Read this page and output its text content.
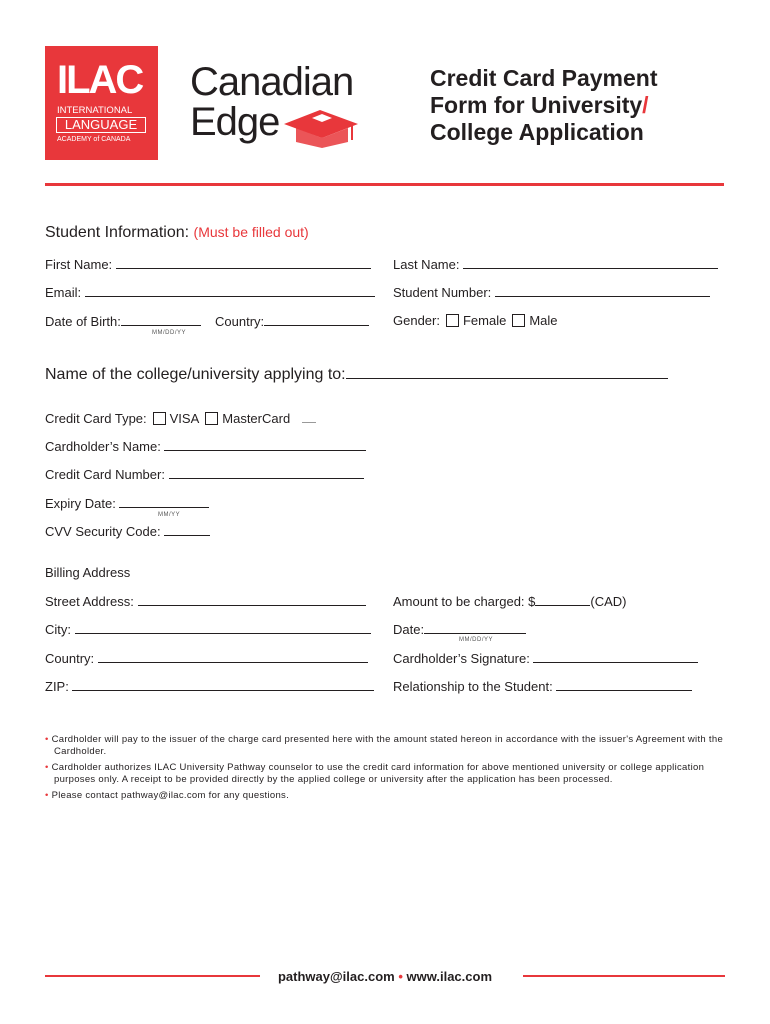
ILAC
INTERNATIONAL
LANGUAGE
ACADEMY of CANADA
Canadian
Edge
Credit Card Payment
Form for University/
College Application
Student Information: (Must be filled out)
First Name:	Last Name:
Email:	Student Number:
Date of Birth:
MM/DD/YY
Country:	Gender: Female Male
Name of the college/university applying to:
Credit Card Type: VISA MasterCard
Cardholder’s Name:
Credit Card Number:
Expiry Date:
MM/YY
CVV Security Code:
Billing Address
Street Address:	Amount to be charged: $	(CAD)
City:	Date:
MM/DD/YY
Country:	Cardholder’s Signature:
ZIP:	Relationship to the Student:
• Cardholder will pay to the issuer of the charge card presented here with the amount stated hereon in accordance with the issuer's Agreement with the Cardholder.
• Cardholder authorizes ILAC University Pathway counselor to use the credit card information for above mentioned university or college application purposes only. A receipt to be provided directly by the applied college or university after the application has been processed.
• Please contact pathway@ilac.com for any questions.
pathway@ilac.com • www.ilac.com
